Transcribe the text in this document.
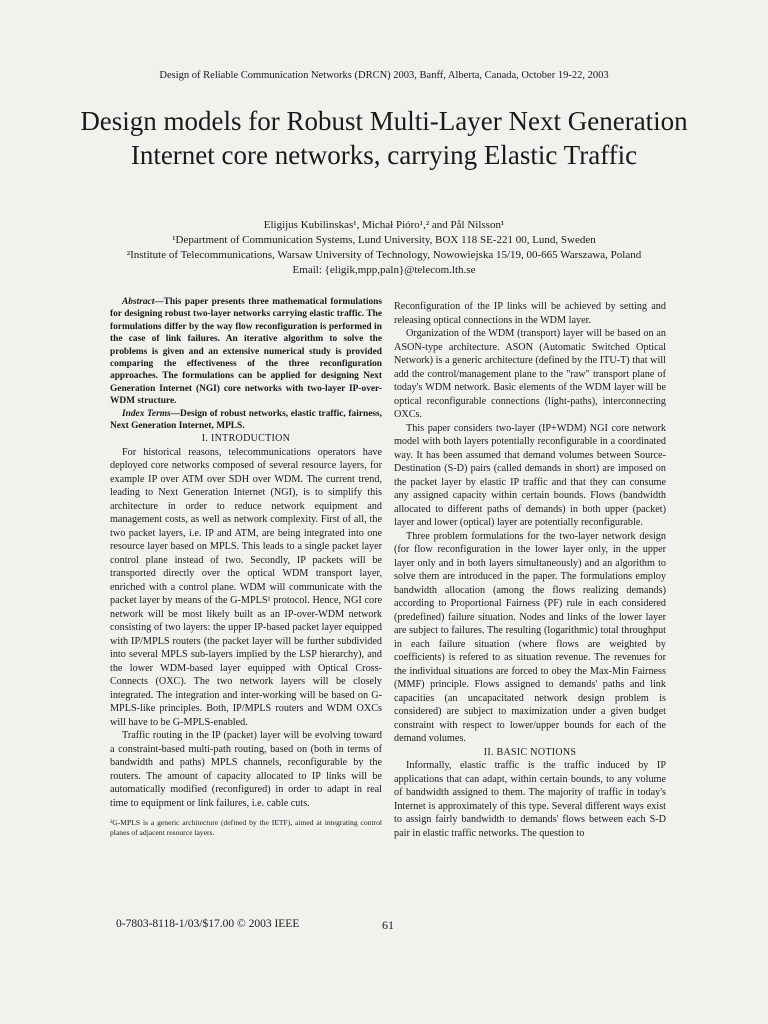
Design of Reliable Communication Networks (DRCN) 2003, Banff, Alberta, Canada, October 19-22, 2003
Design models for Robust Multi-Layer Next Generation Internet core networks, carrying Elastic Traffic
Eligijus Kubilinskas¹, Michał Pióro¹,² and Pål Nilsson¹
¹Department of Communication Systems, Lund University, BOX 118 SE-221 00, Lund, Sweden
²Institute of Telecommunications, Warsaw University of Technology, Nowowiejska 15/19, 00-665 Warszawa, Poland
Email: {eligik,mpp,paln}@telecom.lth.se

Abstract—This paper presents three mathematical formulations for designing robust two-layer networks carrying elastic traffic. The formulations differ by the way flow reconfiguration is performed in the case of link failures. An iterative algorithm to solve the problems is given and an extensive numerical study is provided comparing the effectiveness of the three reconfiguration approaches. The formulations can be applied for designing Next Generation Internet (NGI) core networks with two-layer IP-over-WDM structure.

Index Terms—Design of robust networks, elastic traffic, fairness, Next Generation Internet, MPLS.

I. INTRODUCTION

For historical reasons, telecommunications operators have deployed core networks composed of several resource layers, for example IP over ATM over SDH over WDM. The current trend, leading to Next Generation Internet (NGI), is to simplify this architecture in order to reduce network equipment and management costs, as well as network complexity. First of all, the two packet layers, i.e. IP and ATM, are being integrated into one resource layer based on MPLS. This leads to a single packet layer control plane instead of two. Secondly, IP packets will be transported directly over the optical WDM transport layer, enriched with a control plane. WDM will communicate with the packet layer by means of the G-MPLS¹ protocol. Hence, NGI core network will be most likely built as an IP-over-WDM network consisting of two layers: the upper IP-based packet layer equipped with IP/MPLS routers (the packet layer will be further subdivided into several MPLS sub-layers implied by the LSP hierarchy), and the lower WDM-based layer equipped with Optical Cross-Connects (OXC). The two network layers will be closely integrated. The integration and inter-working will be based on G-MPLS-like principles. Both, IP/MPLS routers and WDM OXCs will have to be G-MPLS-enabled.

Traffic routing in the IP (packet) layer will be evolving toward a constraint-based multi-path routing, based on (both in terms of bandwidth and paths) MPLS channels, reconfigurable by the routers. The amount of capacity allocated to IP links will be automatically modified (reconfigured) in order to adapt in real time to equipment or link failures, i.e. cable cuts.

¹G-MPLS is a generic architecture (defined by the IETF), aimed at integrating control planes of adjacent resource layers.

Reconfiguration of the IP links will be achieved by setting and releasing optical connections in the WDM layer.

Organization of the WDM (transport) layer will be based on an ASON-type architecture. ASON (Automatic Switched Optical Network) is a generic architecture (defined by the ITU-T) that will add the control/management plane to the "raw" transport plane of today's WDM network. Basic elements of the WDM layer will be optical reconfigurable connections (light-paths), interconnecting OXCs.

This paper considers two-layer (IP+WDM) NGI core network model with both layers potentially reconfigurable in a coordinated way. It has been assumed that demand volumes between Source-Destination (S-D) pairs (called demands in short) are imposed on the packet layer by elastic IP traffic and that they can consume any assigned capacity within certain bounds. Flows (bandwidth allocated to different paths of demands) in both upper (packet) layer and lower (optical) layer are potentially reconfigurable.

Three problem formulations for the two-layer network design (for flow reconfiguration in the lower layer only, in the upper layer only and in both layers simultaneously) and an algorithm to solve them are introduced in the paper. The formulations employ bandwidth allocation (among the flows realizing demands) according to Proportional Fairness (PF) rule in each considered (predefined) failure situation. Nodes and links of the lower layer are subject to failures. The resulting (logarithmic) total throughput in each failure situation (where flows are weighted by coefficients) is refered to as situation revenue. The revenues for the individual situations are forced to obey the Max-Min Fairness (MMF) principle. Flows assigned to demands' paths and link capacities (an uncapacitated network design problem is considered) are subject to maximization under a given budget constraint with respect to lower/upper bounds for each of the demand volumes.

II. BASIC NOTIONS

Informally, elastic traffic is the traffic induced by IP applications that can adapt, within certain bounds, to any volume of bandwidth assigned to them. The majority of traffic in today's Internet is approximately of this type. Several different ways exist to assign fairly bandwidth to demands' flows between each S-D pair in elastic traffic networks. The question to

0-7803-8118-1/03/$17.00 © 2003 IEEE	61
